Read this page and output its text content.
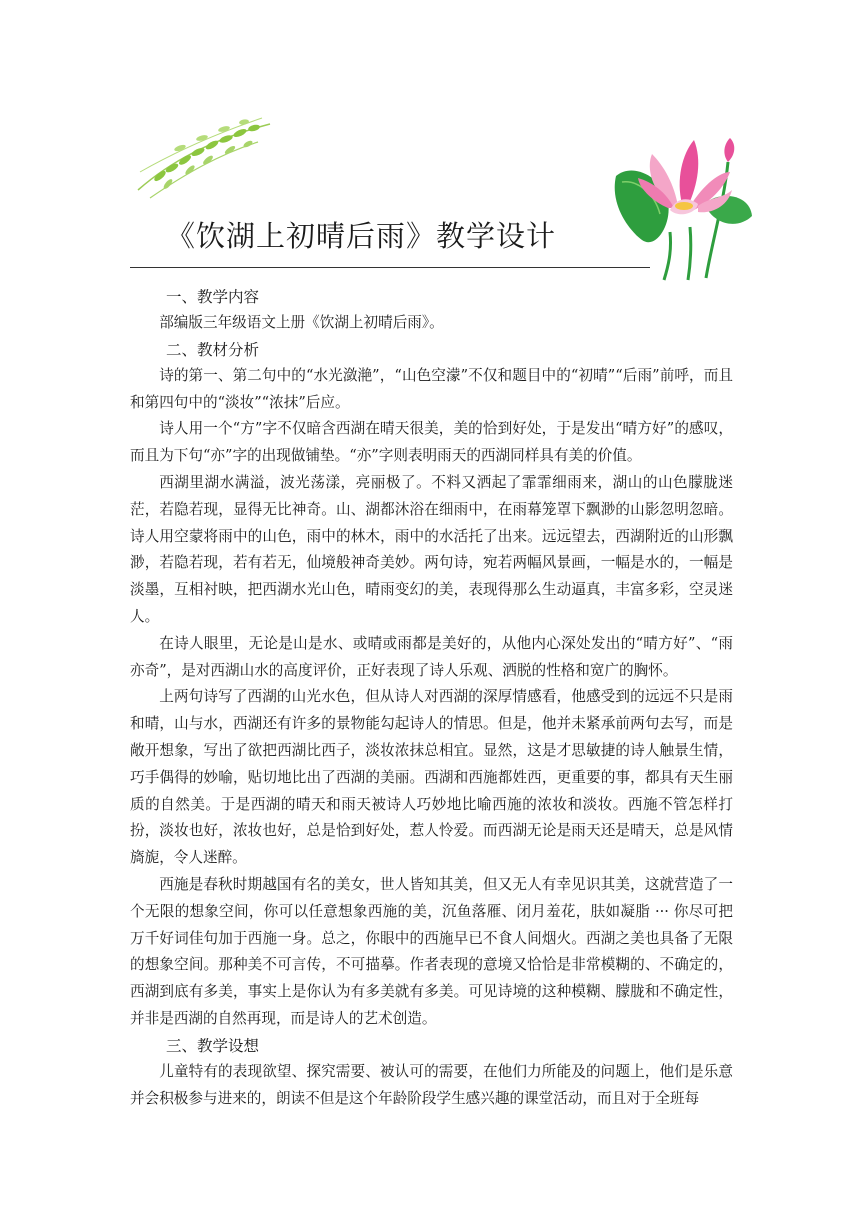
《饮湖上初晴后雨》教学设计
一、教学内容

部编版三年级语文上册《饮湖上初晴后雨》。

二、教材分析

诗的第一、第二句中的“水光潋滟”，“山色空濛”不仅和题目中的“初晴”“后雨”前呼，而且和第四句中的“淡妆”“浓抹”后应。

诗人用一个“方”字不仅暗含西湖在晴天很美，美的恰到好处，于是发出“晴方好”的感叹，而且为下句“亦”字的出现做铺垫。“亦”字则表明雨天的西湖同样具有美的价值。

西湖里湖水满溢，波光荡漾，亮丽极了。不料又洒起了霏霏细雨来，湖山的山色朦胧迷茫，若隐若现，显得无比神奇。山、湖都沐浴在细雨中，在雨幕笼罩下飘渺的山影忽明忽暗。诗人用空蒙将雨中的山色，雨中的林木，雨中的水活托了出来。远远望去，西湖附近的山形飘渺，若隐若现，若有若无，仙境般神奇美妙。两句诗，宛若两幅风景画，一幅是水的，一幅是淡墨，互相衬映，把西湖水光山色，晴雨变幻的美，表现得那么生动逼真，丰富多彩，空灵迷人。

在诗人眼里，无论是山是水、或晴或雨都是美好的，从他内心深处发出的“晴方好”、“雨亦奇”，是对西湖山水的高度评价，正好表现了诗人乐观、洒脱的性格和宽广的胸怀。

上两句诗写了西湖的山光水色，但从诗人对西湖的深厚情感看，他感受到的远远不只是雨和晴，山与水，西湖还有许多的景物能勾起诗人的情思。但是，他并未紧承前两句去写，而是敞开想象，写出了欲把西湖比西子，淡妆浓抹总相宜。显然，这是才思敏捷的诗人触景生情，巧手偶得的妙喻，贴切地比出了西湖的美丽。西湖和西施都姓西，更重要的事，都具有天生丽质的自然美。于是西湖的晴天和雨天被诗人巧妙地比喻西施的浓妆和淡妆。西施不管怎样打扮，淡妆也好，浓妆也好，总是恰到好处，惹人怜爱。而西湖无论是雨天还是晴天，总是风情旖旎，令人迷醉。

西施是春秋时期越国有名的美女，世人皆知其美，但又无人有幸见识其美，这就营造了一个无限的想象空间，你可以任意想象西施的美，沉鱼落雁、闭月羞花，肤如凝脂 ··· 你尽可把万千好词佳句加于西施一身。总之，你眼中的西施早已不食人间烟火。西湖之美也具备了无限的想象空间。那种美不可言传，不可描摹。作者表现的意境又恰恰是非常模糊的、不确定的，西湖到底有多美，事实上是你认为有多美就有多美。可见诗境的这种模糊、朦胧和不确定性，并非是西湖的自然再现，而是诗人的艺术创造。

三、教学设想

儿童特有的表现欲望、探究需要、被认可的需要，在他们力所能及的问题上，他们是乐意并会积极参与进来的，朗读不但是这个年龄阶段学生感兴趣的课堂活动，而且对于全班每
